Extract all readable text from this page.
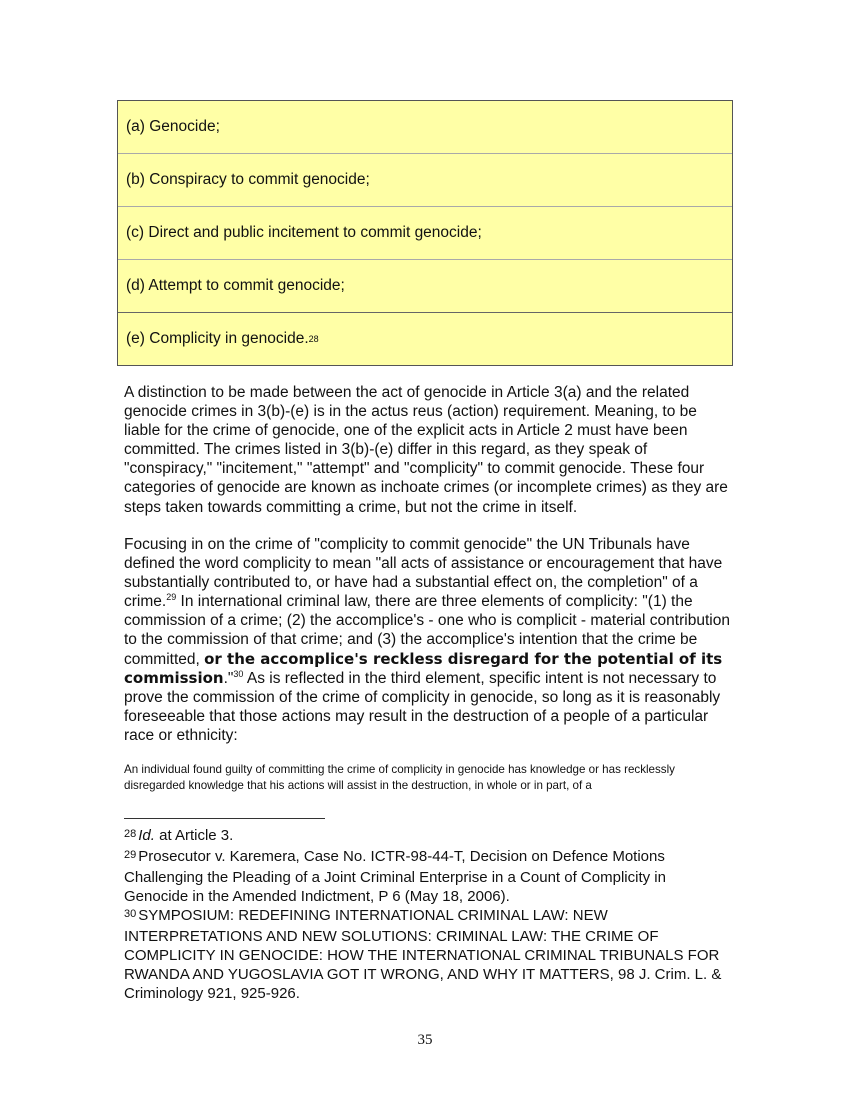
(a) Genocide;
(b) Conspiracy to commit genocide;
(c) Direct and public incitement to commit genocide;
(d) Attempt to commit genocide;
(e) Complicity in genocide. 28

A distinction to be made between the act of genocide in Article 3(a) and the related genocide crimes in 3(b)-(e) is in the actus reus (action) requirement. Meaning, to be liable for the crime of genocide, one of the explicit acts in Article 2 must have been committed. The crimes listed in 3(b)-(e) differ in this regard, as they speak of "conspiracy," "incitement," "attempt" and "complicity" to commit genocide. These four categories of genocide are known as inchoate crimes (or incomplete crimes) as they are steps taken towards committing a crime, but not the crime in itself.

Focusing in on the crime of "complicity to commit genocide" the UN Tribunals have defined the word complicity to mean "all acts of assistance or encouragement that have substantially contributed to, or have had a substantial effect on, the completion" of a crime.$^{29}$ In international criminal law, there are three elements of complicity: "(1) the commission of a crime; (2) the accomplice's - one who is complicit - material contribution to the commission of that crime; and (3) the accomplice's intention that the crime be committed, or the accomplice's reckless disregard for the potential of its commission."$^{30}$ As is reflected in the third element, specific intent is not necessary to prove the commission of the crime of complicity in genocide, so long as it is reasonably foreseeable that those actions may result in the destruction of a people of a particular race or ethnicity:

An individual found guilty of committing the crime of complicity in genocide has knowledge or has recklessly disregarded knowledge that his actions will assist in the destruction, in whole or in part, of a

$^{28}$ Id. at Article 3.

$^{29}$ Prosecutor v. Karemera, Case No. ICTR-98-44-T, Decision on Defence Motions Challenging the Pleading of a Joint Criminal Enterprise in a Count of Complicity in Genocide in the Amended Indictment, P 6 (May 18, 2006).

$^{30}$ SYMPOSIUM: REDEFINING INTERNATIONAL CRIMINAL LAW: NEW INTERPRETATIONS AND NEW SOLUTIONS: CRIMINAL LAW: THE CRIME OF COMPLICITY IN GENOCIDE: HOW THE INTERNATIONAL CRIMINAL TRIBUNALS FOR RWANDA AND YUGOSLAVIA GOT IT WRONG, AND WHY IT MATTERS, 98 J. Crim. L. & Criminology 921, 925-926.

35
